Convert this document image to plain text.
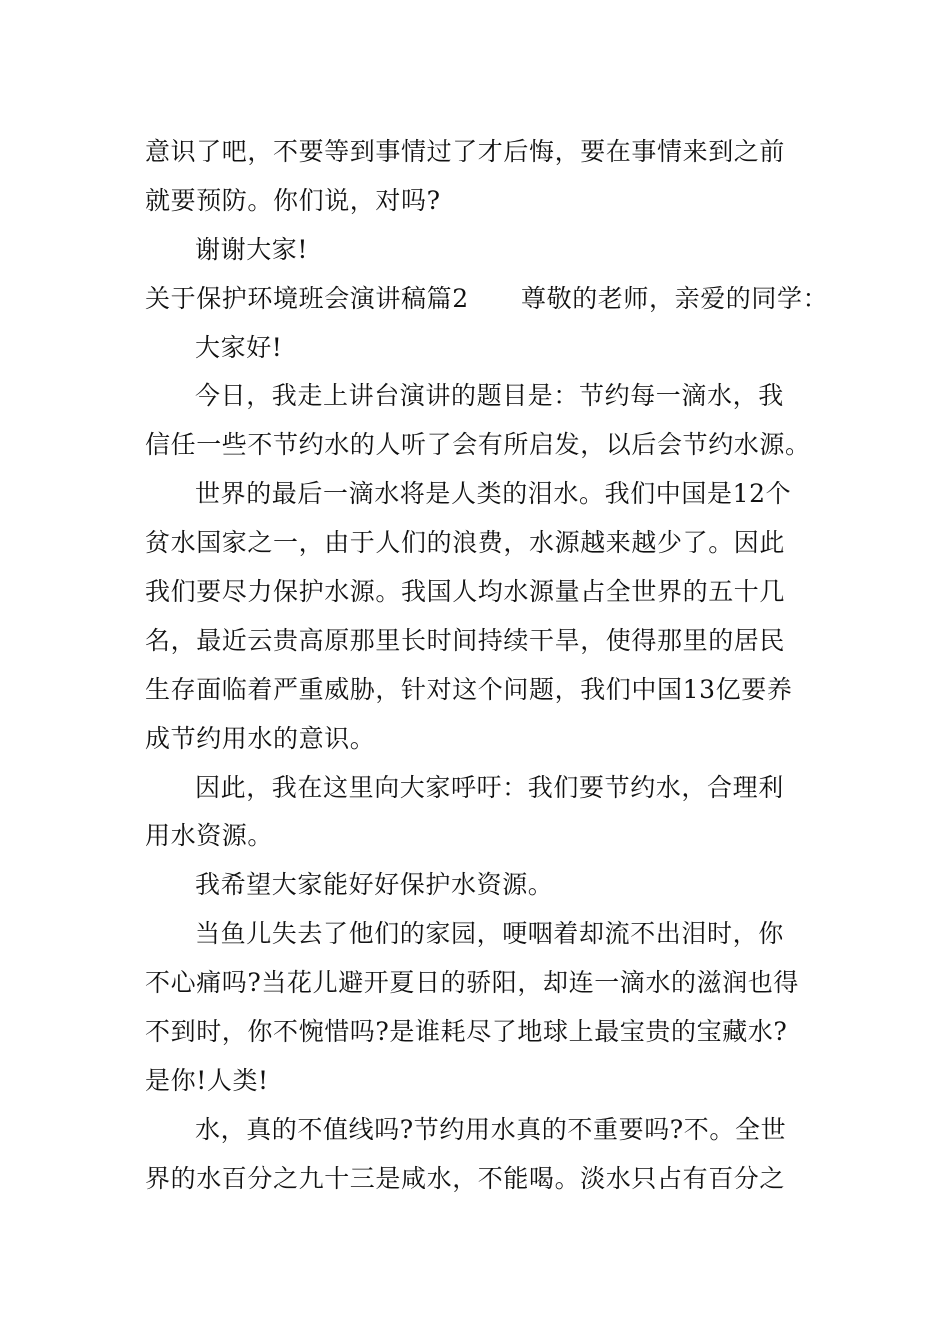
意识了吧，不要等到事情过了才后悔，要在事情来到之前
就要预防。你们说，对吗?
谢谢大家!
关于保护环境班会演讲稿篇2 尊敬的老师，亲爱的同学：
大家好!
今日，我走上讲台演讲的题目是：节约每一滴水，我
信任一些不节约水的人听了会有所启发，以后会节约水源。
世界的最后一滴水将是人类的泪水。我们中国是12个
贫水国家之一，由于人们的浪费，水源越来越少了。因此
我们要尽力保护水源。我国人均水源量占全世界的五十几
名，最近云贵高原那里长时间持续干旱，使得那里的居民
生存面临着严重威胁，针对这个问题，我们中国13亿要养
成节约用水的意识。
因此，我在这里向大家呼吁：我们要节约水，合理利
用水资源。
我希望大家能好好保护水资源。
当鱼儿失去了他们的家园，哽咽着却流不出泪时，你
不心痛吗?当花儿避开夏日的骄阳，却连一滴水的滋润也得
不到时，你不惋惜吗?是谁耗尽了地球上最宝贵的宝藏水?
是你!人类!
水，真的不值线吗?节约用水真的不重要吗?不。全世
界的水百分之九十三是咸水，不能喝。淡水只占有百分之
